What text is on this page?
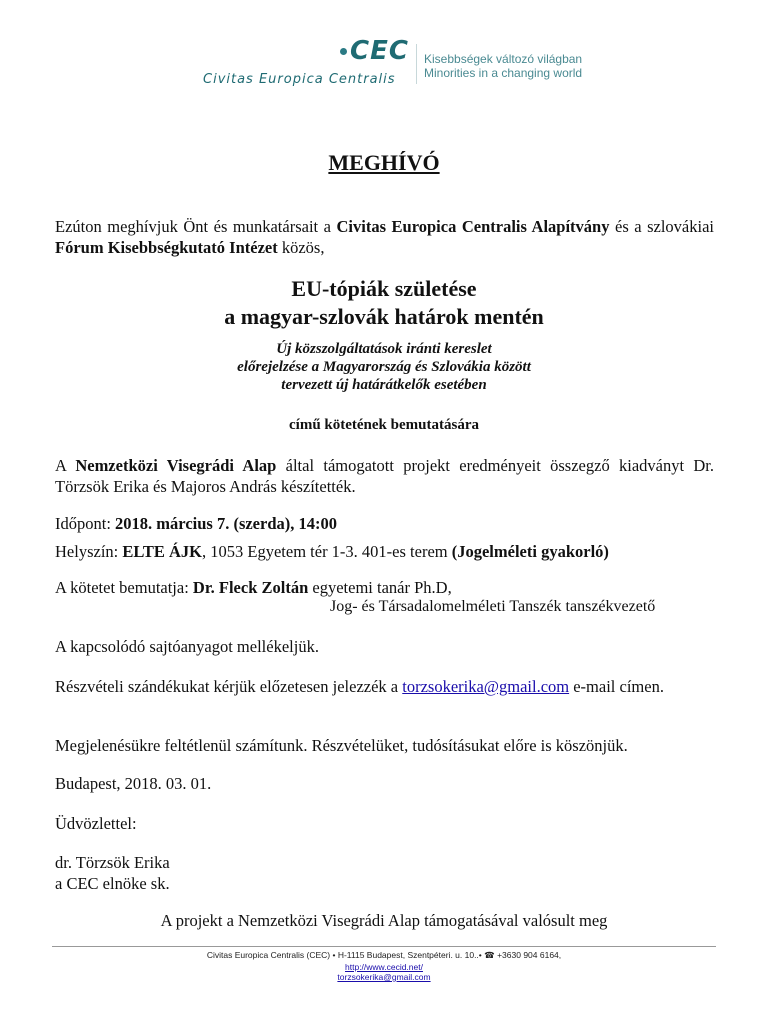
CEC
Civitas Europica Centralis
Kisebbségek változó világban
Minorities in a changing world
MEGHÍVÓ
Ezúton meghívjuk Önt és munkatársait a Civitas Europica Centralis Alapítvány és a szlovákiai Fórum Kisebbségkutató Intézet közös,
EU-tópiák születése
a magyar-szlovák határok mentén
Új közszolgáltatások iránti kereslet
előrejelzése a Magyarország és Szlovákia között
tervezett új határátkelők esetében
című kötetének bemutatására
A Nemzetközi Visegrádi Alap által támogatott projekt eredményeit összegző kiadványt Dr. Törzsök Erika és Majoros András készítették.
Időpont: 2018. március 7. (szerda), 14:00
Helyszín: ELTE ÁJK, 1053 Egyetem tér 1-3. 401-es terem (Jogelméleti gyakorló)
A kötetet bemutatja: Dr. Fleck Zoltán egyetemi tanár Ph.D,
Jog- és Társadalomelméleti Tanszék tanszékvezető
A kapcsolódó sajtóanyagot mellékeljük.
Részvételi szándékukat kérjük előzetesen jelezzék a torzsokerika@gmail.com e-mail címen.
Megjelenésükre feltétlenül számítunk. Részvételüket, tudósításukat előre is köszönjük.
Budapest, 2018. 03. 01.
Üdvözlettel:
dr. Törzsök Erika
a CEC elnöke sk.
A projekt a Nemzetközi Visegrádi Alap támogatásával valósult meg
Civitas Europica Centralis (CEC) • H-1115 Budapest, Szentpéteri. u. 10..• ☎ +3630 904 6164,
http://www.cecid.net/
torzsokerika@gmail.com
